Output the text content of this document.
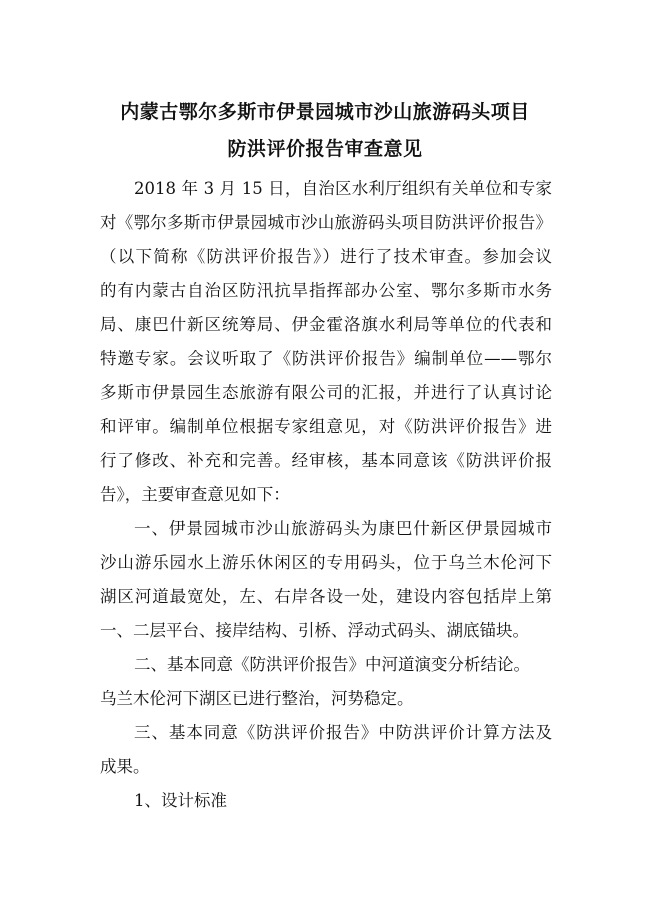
内蒙古鄂尔多斯市伊景园城市沙山旅游码头项目
防洪评价报告审查意见
2018 年 3 月 15 日，自治区水利厅组织有关单位和专家
对《鄂尔多斯市伊景园城市沙山旅游码头项目防洪评价报告》
（以下简称《防洪评价报告》）进行了技术审查。参加会议
的有内蒙古自治区防汛抗旱指挥部办公室、鄂尔多斯市水务
局、康巴什新区统筹局、伊金霍洛旗水利局等单位的代表和
特邀专家。会议听取了《防洪评价报告》编制单位——鄂尔
多斯市伊景园生态旅游有限公司的汇报，并进行了认真讨论
和评审。编制单位根据专家组意见，对《防洪评价报告》进
行了修改、补充和完善。经审核，基本同意该《防洪评价报
告》，主要审查意见如下：
一、伊景园城市沙山旅游码头为康巴什新区伊景园城市
沙山游乐园水上游乐休闲区的专用码头，位于乌兰木伦河下
湖区河道最宽处，左、右岸各设一处，建设内容包括岸上第
一、二层平台、接岸结构、引桥、浮动式码头、湖底锚块。
二、基本同意《防洪评价报告》中河道演变分析结论。
乌兰木伦河下湖区已进行整治，河势稳定。
三、基本同意《防洪评价报告》中防洪评价计算方法及
成果。
1、设计标准
